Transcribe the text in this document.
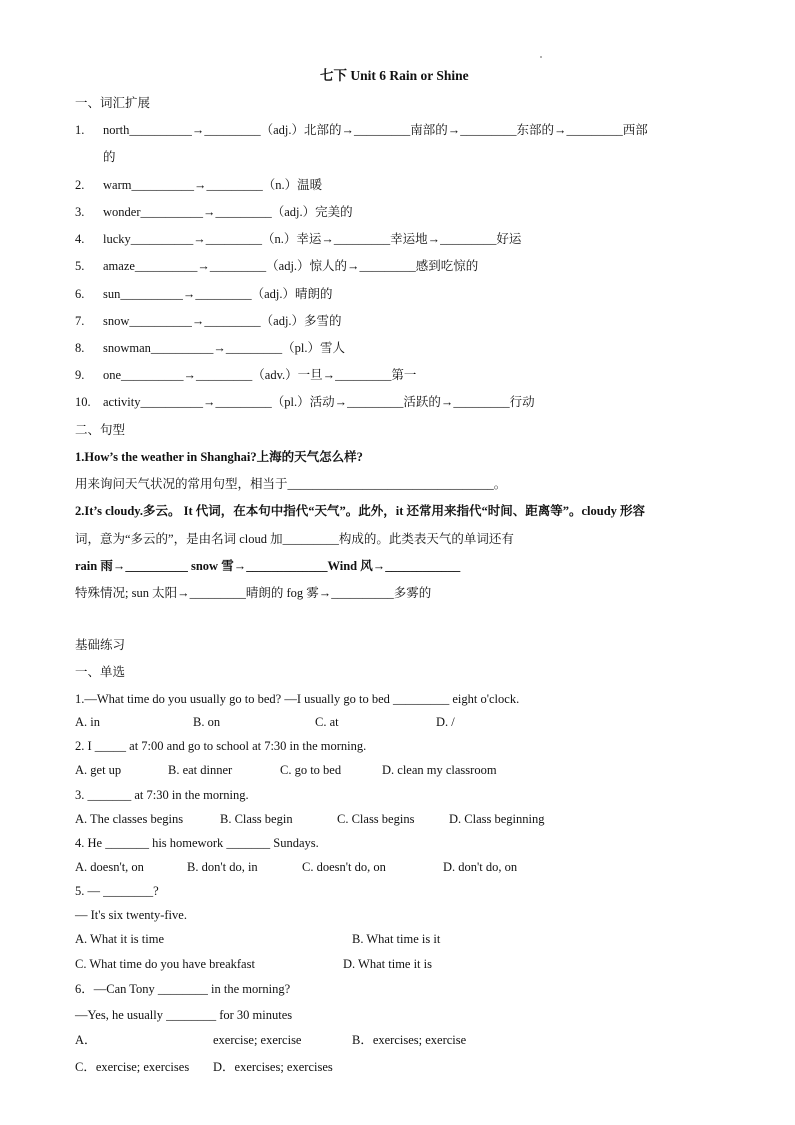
七下 Unit 6 Rain or Shine
一、词汇扩展
1. north__________→_________（adj.）北部的→_________南部的→_________东部的→_________西部
的
2. warm__________→_________（n.）温暖
3. wonder__________→_________（adj.）完美的
4. lucky__________→_________（n.）幸运→_________幸运地→_________好运
5. amaze__________→_________（adj.）惊人的→_________感到吃惊的
6. sun__________→_________（adj.）晴朗的
7. snow__________→_________（adj.）多雪的
8. snowman__________→_________（pl.）雪人
9. one__________→_________（adv.）一旦→_________第一
10. activity__________→_________（pl.）活动→_________活跃的→_________行动
二、句型
1.How’s the weather in Shanghai?上海的天气怎么样?
用来询问天气状况的常用句型，相当于_________________________________。
2.It’s cloudy.多云。 It 代词，在本句中指代“天气”。此外，it 还常用来指代“时间、距离等”。cloudy 形容
词，意为“多云的”，是由名词 cloud 加_________构成的。此类表天气的单词还有
rain 雨→__________ snow 雪→_____________Wind 风→____________
特殊情况; sun 太阳→_________晴朗的 fog 雾→__________多雾的
基础练习
一、单选
1.—What time do you usually go to bed? —I usually go to bed _________ eight o'clock.
A. in	B. on	C. at	D. /
2. I _____ at 7:00 and go to school at 7:30 in the morning.
A. get up	B. eat dinner	C. go to bed	D. clean my classroom
3. _______ at 7:30 in the morning.
A. The classes begins	B. Class begin	C. Class begins	D. Class beginning
4. He _______ his homework _______ Sundays.
A. doesn't, on	B. don't do, in	C. doesn't do, on	D. don't do, on
5. — ________?
— It's six twenty-five.
A. What it is time	B. What time is it
C. What time do you have breakfast	D. What time it is
6．—Can Tony ________ in the morning?
—Yes, he usually ________ for 30 minutes
A．	exercise; exercise	B．exercises; exercise
C．exercise; exercises D．exercises; exercises
